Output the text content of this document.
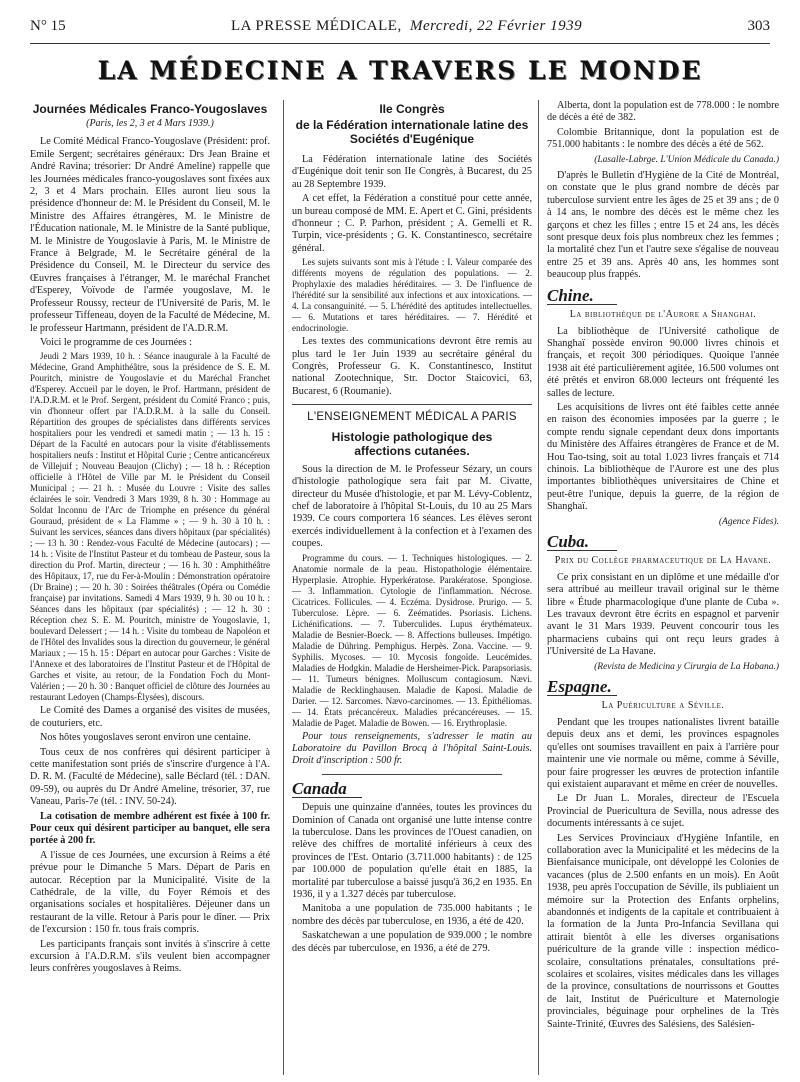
N° 15	LA PRESSE MÉDICALE, Mercredi, 22 Février 1939	303
LA MÉDECINE A TRAVERS LE MONDE
Journées Médicales Franco-Yougoslaves
(Paris, les 2, 3 et 4 Mars 1939.)

Le Comité Médical Franco-Yougoslave (Président: prof. Emile Sergent; secrétaires généraux: Drs Jean Braine et André Ravina; trésorier: Dr André Ameline) rappelle que les Journées médicales franco-yougoslaves sont fixées aux 2, 3 et 4 Mars prochain. Elles auront lieu sous la présidence d'honneur de: M. le Président du Conseil, M. le Ministre des Affaires étrangères, M. le Ministre de l'Éducation nationale, M. le Ministre de la Santé publique, M. le Ministre de Yougoslavie à Paris, M. le Ministre de France à Belgrade, M. le Secrétaire général de la Présidence du Conseil, M. le Directeur du service des Œuvres françaises à l'étranger, M. le maréchal Franchet d'Esperey, Voïvode de l'armée yougoslave, M. le Professeur Roussy, recteur de l'Université de Paris, M. le professeur Tiffeneau, doyen de la Faculté de Médecine, M. le professeur Hartmann, président de l'A.D.R.M.

Voici le programme de ces Journées :

Jeudi 2 Mars 1939, 10 h. : Séance inaugurale à la Faculté de Médecine, Grand Amphithéâtre, sous la présidence de S. E. M. Pouritch, ministre de Yougoslavie et du Maréchal Franchet d'Esperey. Accueil par le doyen, le Prof. Hartmann, président de l'A.D.R.M. et le Prof. Sergent, président du Comité Franco ; puis, vin d'honneur offert par l'A.D.R.M. à la salle du Conseil. Répartition des groupes de spécialistes dans différents services hospitaliers pour les vendredi et samedi matin ; — 13 h. 15 : Départ de la Faculté en autocars pour la visite d'établissements hospitaliers neufs : Institut et Hôpital Curie ; Centre anticancéreux de Villejuif ; Nouveau Beaujon (Clichy) ; — 18 h. : Réception officielle à l'Hôtel de Ville par M. le Président du Conseil Municipal ; — 21 h. : Musée du Louvre : Visite des salles éclairées le soir. Vendredi 3 Mars 1939, 8 h. 30 : Hommage au Soldat Inconnu de l'Arc de Triomphe en présence du général Gouraud, président de « La Flamme » ; — 9 h. 30 à 10 h. : Suivant les services, séances dans divers hôpitaux (par spécialités) ; — 13 h. 30 : Rendez-vous Faculté de Médecine (autocars) ; — 14 h. : Visite de l'Institut Pasteur et du tombeau de Pasteur, sous la direction du Prof. Martin, directeur ; — 16 h. 30 : Amphithéâtre des Hôpitaux, 17, rue du Fer-à-Moulin : Démonstration opératoire (Dr Braine) ; — 20 h. 30 : Soirées théâtrales (Opéra ou Comédie française) par invitations. Samedi 4 Mars 1939, 9 h. 30 ou 10 h. : Séances dans les hôpitaux (par spécialités) ; — 12 h. 30 : Réception chez S. E. M. Pouritch, ministre de Yougoslavie, 1, boulevard Delessert ; — 14 h. : Visite du tombeau de Napoléon et de l'Hôtel des Invalides sous la direction du gouverneur, le général Mariaux ; — 15 h. 15 : Départ en autocar pour Garches : Visite de l'Annexe et des laboratoires de l'Institut Pasteur et de l'Hôpital de Garches et visite, au retour, de la Fondation Foch du Mont-Valérien ; — 20 h. 30 : Banquet officiel de clôture des Journées au restaurant Ledoyen (Champs-Élysées), discours.

Le Comité des Dames a organisé des visites de musées, de couturiers, etc.

Nos hôtes yougoslaves seront environ une centaine.

Tous ceux de nos confrères qui désirent participer à cette manifestation sont priés de s'inscrire d'urgence à l'A. D. R. M. (Faculté de Médecine), salle Béclard (tél. : DAN. 09-59), ou auprès du Dr André Ameline, trésorier, 37, rue Vaneau, Paris-7e (tél. : INV. 50-24).

La cotisation de membre adhérent est fixée à 100 fr. Pour ceux qui désirent participer au banquet, elle sera portée à 200 fr.

A l'issue de ces Journées, une excursion à Reims a été prévue pour le Dimanche 5 Mars. Départ de Paris en autocar. Réception par la Municipalité. Visite de la Cathédrale, de la ville, du Foyer Rémois et des organisations sociales et hospitalières. Déjeuner dans un restaurant de la ville. Retour à Paris pour le dîner. — Prix de l'excursion : 150 fr. tous frais compris.

Les participants français sont invités à s'inscrire à cette excursion à l'A.D.R.M. s'ils veulent bien accompagner leurs confrères yougoslaves à Reims.

IIe Congrès
de la Fédération internationale latine des Sociétés d'Eugénique

La Fédération internationale latine des Sociétés d'Eugénique doit tenir son IIe Congrès, à Bucarest, du 25 au 28 Septembre 1939.

A cet effet, la Fédération a constitué pour cette année, un bureau composé de MM. E. Apert et C. Gini, présidents d'honneur ; C. P. Parhon, président ; A. Gemelli et R. Turpin, vice-présidents ; G. K. Constantinesco, secrétaire général.

Les sujets suivants sont mis à l'étude : I. Valeur comparée des différents moyens de régulation des populations. — 2. Prophylaxie des maladies héréditaires. — 3. De l'influence de l'hérédité sur la sensibilité aux infections et aux intoxications. — 4. La consanguinité. — 5. L'hérédité des aptitudes intellectuelles. — 6. Mutations et tares héréditaires. — 7. Hérédité et endocrinologie.

Les textes des communications devront être remis au plus tard le 1er Juin 1939 au secrétaire général du Congrès, Professeur G. K. Constantinesco, Institut national Zootechnique, Str. Doctor Staicovici, 63, Bucarest, 6 (Roumanie).

L'ENSEIGNEMENT MÉDICAL A PARIS
Histologie pathologique des affections cutanées.

Sous la direction de M. le Professeur Sézary, un cours d'histologie pathologique sera fait par M. Civatte, directeur du Musée d'histologie, et par M. Lévy-Coblentz, chef de laboratoire à l'hôpital St-Louis, du 10 au 25 Mars 1939. Ce cours comportera 16 séances. Les élèves seront exercés individuellement à la confection et à l'examen des coupes.

Programme du cours. — 1. Techniques histologiques. — 2. Anatomie normale de la peau. Histopathologie élémentaire. Hyperplasie. Atrophie. Hyperkératose. Parakératose. Spongiose. — 3. Inflammation. Cytologie de l'inflammation. Nécrose. Cicatrices. Follicules. — 4. Eczéma. Dysidrose. Prurigo. — 5. Tuberculose. Lèpre. — 6. Zeématides. Psoriasis. Lichens. Lichénifications. — 7. Tuberculides. Lupus érythémateux. Maladie de Besnier-Boeck. — 8. Affections bulleuses. Impétigo. Maladie de Dühring. Pemphigus. Herpès. Zona. Vaccine. — 9. Syphilis. Mycoses. — 10. Mycosis fongoïde. Leucémides. Maladies de Hodgkin. Maladie de Hersheimer-Pick. Parapsoriasis. — 11. Tumeurs bénignes. Molluscum contagiosum. Nævi. Maladie de Recklinghausen. Maladie de Kaposi. Maladie de Darier. — 12. Sarcomes. Nævo-carcinomes. — 13. Épithéliomas. — 14. États précancéreux. Maladies précancéreuses. — 15. Maladie de Paget. Maladie de Bowen. — 16. Erythroplasie.

Pour tous renseignements, s'adresser le matin au Laboratoire du Pavillon Brocq à l'hôpital Saint-Louis. Droit d'inscription : 500 fr.

Canada

Depuis une quinzaine d'années, toutes les provinces du Dominion of Canada ont organisé une lutte intense contre la tuberculose. Dans les provinces de l'Ouest canadien, on relève des chiffres de mortalité inférieurs à ceux des provinces de l'Est. Ontario (3.711.000 habitants) : de 125 par 100.000 de population qu'elle était en 1885, la mortalité par tuberculose a baissé jusqu'à 36,2 en 1935. En 1936, il y a 1.327 décès par tuberculose.

Manitoba a une population de 735.000 habitants ; le nombre des décès par tuberculose, en 1936, a été de 420.

Saskatchewan a une population de 939.000 ; le nombre des décès par tuberculose, en 1936, a été de 279.

Alberta, dont la population est de 778.000 : le nombre de décès a été de 382.

Colombie Britannique, dont la population est de 751.000 habitants : le nombre des décès a été de 562.

(Lasalle-Labrge. L'Union Médicale du Canada.)

D'après le Bulletin d'Hygiène de la Cité de Montréal, on constate que le plus grand nombre de décès par tuberculose survient entre les âges de 25 et 39 ans ; de 0 à 14 ans, le nombre des décès est le même chez les garçons et chez les filles ; entre 15 et 24 ans, les décès sont presque deux fois plus nombreux chez les femmes ; la mortalité chez l'un et l'autre sexe s'égalise de nouveau entre 25 et 39 ans. Après 40 ans, les hommes sont beaucoup plus frappés.

Chine.
La bibliothèque de l'Aurore a Shanghai.

La bibliothèque de l'Université catholique de Shanghaï possède environ 90.000 livres chinois et français, et reçoit 300 périodiques. Quoique l'année 1938 ait été particulièrement agitée, 16.500 volumes ont été prêtés et environ 68.000 lecteurs ont fréquenté les salles de lecture.

Les acquisitions de livres ont été faibles cette année en raison des économies imposées par la guerre ; le compte rendu signale cependant deux dons importants du Ministère des Affaires étrangères de France et de M. Hou Tao-tsing, soit au total 1.023 livres français et 714 chinois. La bibliothèque de l'Aurore est une des plus importantes bibliothèques universitaires de Chine et peut-être l'unique, depuis la guerre, de la région de Shanghaï.

(Agence Fides).
Cuba.
Prix du Collège pharmaceutique de La Havane.

Ce prix consistant en un diplôme et une médaille d'or sera attribué au meilleur travail original sur le thème libre « Étude pharmacologique d'une plante de Cuba ». Les travaux devront être écrits en espagnol et parvenir avant le 31 Mars 1939. Peuvent concourir tous les pharmaciens cubains qui ont reçu leurs grades à l'Université de La Havane.

(Revista de Medicina y Cirurgia de La Habana.)
Espagne.
La Puériculture a Séville.

Pendant que les troupes nationalistes livrent bataille depuis deux ans et demi, les provinces espagnoles qu'elles ont soumises travaillent en paix à l'arrière pour maintenir une vie normale ou même, comme à Séville, pour faire progresser les œuvres de protection infantile qui existaient auparavant et même en créer de nouvelles.

Le Dr Juan L. Morales, directeur de l'Escuela Provincial de Puericultura de Sevilla, nous adresse des documents intéressants à ce sujet.

Les Services Provinciaux d'Hygiène Infantile, en collaboration avec la Municipalité et les médecins de la Bienfaisance municipale, ont développé les Colonies de vacances (plus de 2.500 enfants en un mois). En Août 1938, peu après l'occupation de Séville, ils publiaient un mémoire sur la Protection des Enfants orphelins, abandonnés et indigents de la capitale et contribuaient à la formation de la Junta Pro-Infancia Sevillana qui attirait bientôt à elle les diverses organisations puériculture de la grande ville : inspection médico-scolaire, consultations prénatales, consultations pré-scolaires et scolaires, visites médicales dans les villages de la province, consultations de nourrissons et Gouttes de lait, Institut de Puériculture et Maternologie provinciales, béguinage pour orphelines de la Très Sainte-Trinité, Œuvres des Salésiens, des Salésien-
